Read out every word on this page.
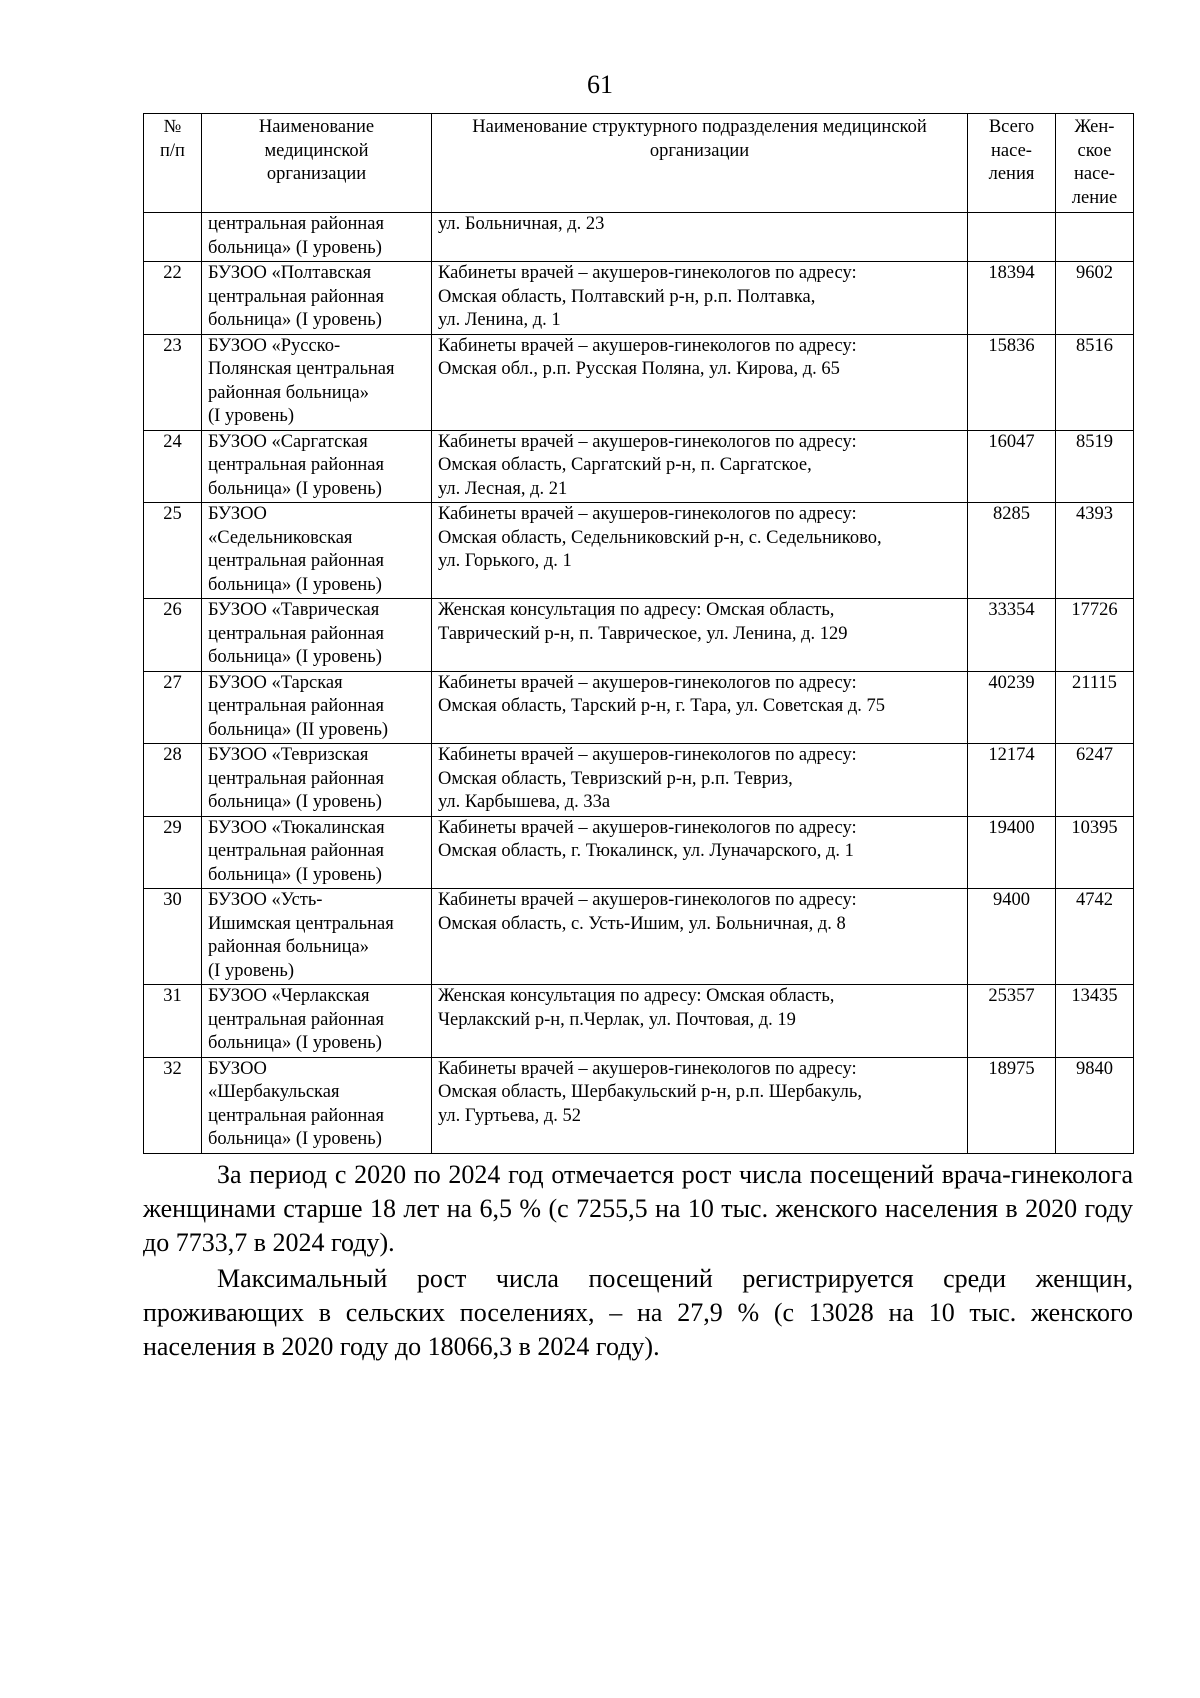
61
№
п/п	Наименование
медицинской
организации	Наименование структурного подразделения медицинской
организации	Всего
насе-
ления	Жен-
ское
насе-
ление

	центральная районная
больница» (I уровень)	ул. Больничная, д. 23		

22	БУЗОО «Полтавская
центральная районная
больница» (I уровень)	Кабинеты врачей – акушеров-гинекологов по адресу:
Омская область, Полтавский р-н, р.п. Полтавка,
ул. Ленина, д. 1	18394	9602
23	БУЗОО «Русско-
Полянская центральная
районная больница»
(I уровень)	Кабинеты врачей – акушеров-гинекологов по адресу:
Омская обл., р.п. Русская Поляна, ул. Кирова, д. 65	15836	8516
24	БУЗОО «Саргатская
центральная районная
больница» (I уровень)	Кабинеты врачей – акушеров-гинекологов по адресу:
Омская область, Саргатский р-н, п. Саргатское,
ул. Лесная, д. 21	16047	8519
25	БУЗОО
«Седельниковская
центральная районная
больница» (I уровень)	Кабинеты врачей – акушеров-гинекологов по адресу:
Омская область, Седельниковский р-н, с. Седельниково,
ул. Горького, д. 1	8285	4393
26	БУЗОО «Таврическая
центральная районная
больница» (I уровень)	Женская консультация по адресу: Омская область,
Таврический р-н, п. Таврическое, ул. Ленина, д. 129	33354	17726
27	БУЗОО «Тарская
центральная районная
больница» (II уровень)	Кабинеты врачей – акушеров-гинекологов по адресу:
Омская область, Тарский р-н, г. Тара, ул. Советская д. 75	40239	21115
28	БУЗОО «Тевризская
центральная районная
больница» (I уровень)	Кабинеты врачей – акушеров-гинекологов по адресу:
Омская область, Тевризский р-н, р.п. Тевриз,
ул. Карбышева, д. 33а	12174	6247
29	БУЗОО «Тюкалинская
центральная районная
больница» (I уровень)	Кабинеты врачей – акушеров-гинекологов по адресу:
Омская область, г. Тюкалинск, ул. Луначарского, д. 1	19400	10395
30	БУЗОО «Усть-
Ишимская центральная
районная больница»
(I уровень)	Кабинеты врачей – акушеров-гинекологов по адресу:
Омская область, с. Усть-Ишим, ул. Больничная, д. 8	9400	4742
31	БУЗОО «Черлакская
центральная районная
больница» (I уровень)	Женская консультация по адресу: Омская область,
Черлакский р-н, п.Черлак, ул. Почтовая, д. 19	25357	13435
32	БУЗОО
«Шербакульская
центральная районная
больница» (I уровень)	Кабинеты врачей – акушеров-гинекологов по адресу:
Омская область, Шербакульский р-н, р.п. Шербакуль,
ул. Гуртьева, д. 52	18975	9840

За период с 2020 по 2024 год отмечается рост числа посещений врача-гинеколога женщинами старше 18 лет на 6,5 % (с 7255,5 на 10 тыс. женского населения в 2020 году до 7733,7 в 2024 году).

Максимальный рост числа посещений регистрируется среди женщин, проживающих в сельских поселениях, – на 27,9 % (с 13028 на 10 тыс. женского населения в 2020 году до 18066,3 в 2024 году).
